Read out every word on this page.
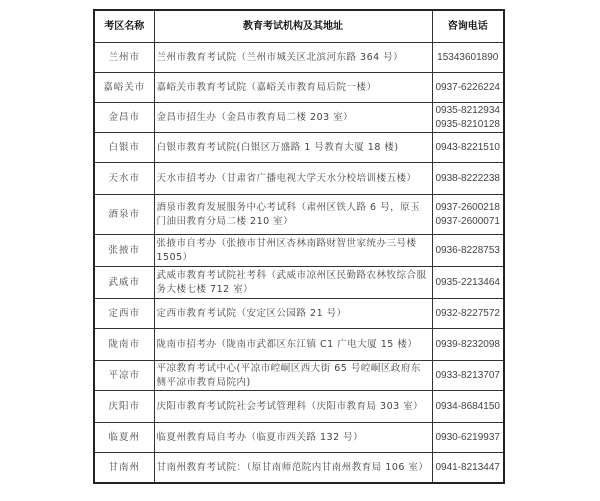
考区名称	教育考试机构及其地址	咨询电话
兰州市	兰州市教育考试院（兰州市城关区北滨河东路 364 号）	15343601890

嘉峪关市	嘉峪关市教育考试院（嘉峪关市教育局后院一楼）	0937-6226224

金昌市	金昌市招生办（金昌市教育局二楼 203 室）	0935-8212934
0935-8210128

白银市	白银市教育考试院(白银区万盛路 1 号教育大厦 18 楼)	0943-8221510

天水市	天水市招考办（甘肃省广播电视大学天水分校培训楼五楼）	0938-8222238

酒泉市	酒泉市教育发展服务中心考试科（肃州区铁人路 6 号，原玉门油田教育分局二楼 210 室）	0937-2600218
0937-2600071

张掖市	张掖市自考办（张掖市甘州区杏林南路财智世家统办三号楼 1505）	0936-8228753

武威市	武威市教育考试院社考科（武威市凉州区民勤路农林牧综合服务大楼七楼 712 室）	0935-2213464

定西市	定西市教育考试院（安定区公园路 21 号）	0932-8227572

陇南市	陇南市招考办（陇南市武都区东江镇 C1 广电大厦 15 楼）	0939-8232098

平凉市	平凉教育考试中心(平凉市崆峒区西大街 65 号崆峒区政府东侧平凉市教育局院内)	0933-8213707

庆阳市	庆阳市教育考试院社会考试管理科（庆阳市教育局 303 室）	0934-8684150

临夏州	临夏州教育局自考办（临夏市西关路 132 号）	0930-6219937

甘南州	甘南州教育考试院：（原甘南师范院内甘南州教育局 106 室）	0941-8213447
